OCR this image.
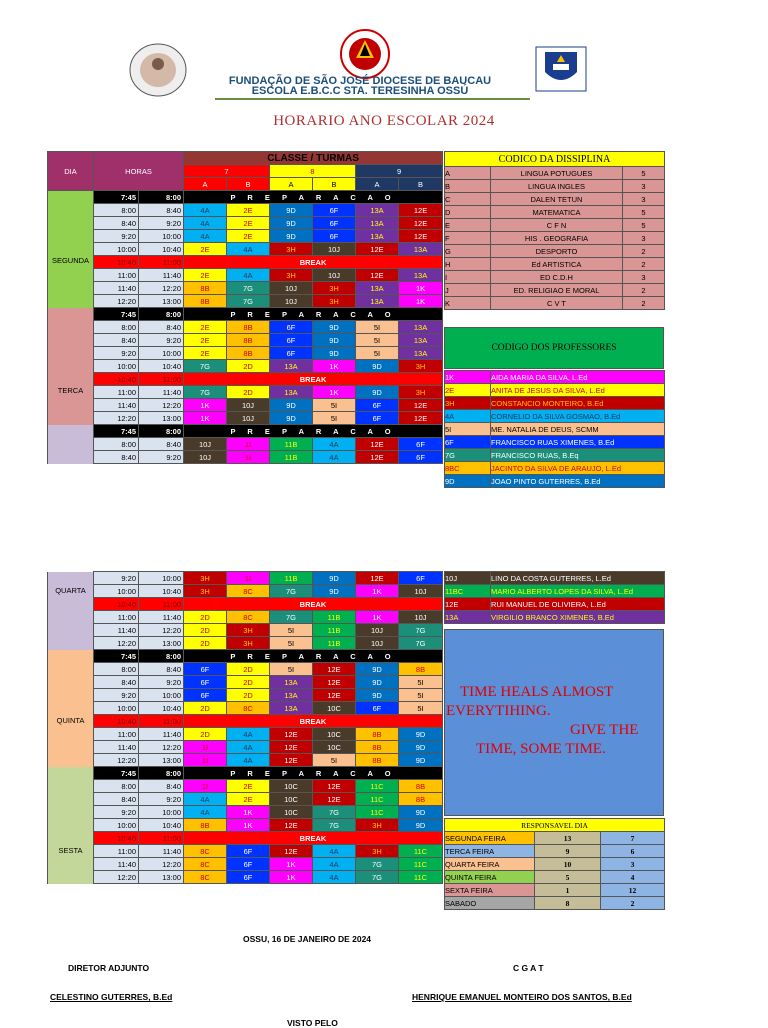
FUNDAÇÃO DE SÃO JOSÉ DIOCESE DE BAUCAU
ESCOLA E.B.C.C STA. TERESINHA OSSÚ
HORARIO ANO ESCOLAR 2024
DIA	HORAS		CLASSE / TURMAS					
			7		8		9	
			A	B	A	B	A	B
	7:45	8:00	P R E P A R A C A O					
	8:00	8:40	4A	2E	9D	6F	13A	12E
	8:40	9:20	4A	2E	9D	6F	13A	12E
	9:20	10:00	4A	2E	9D	6F	13A	12E
	10:00	10:40	2E	4A	3H	10J	12E	13A
	10:40	11:00	BREAK					
	11:00	11:40	2E	4A	3H	10J	12E	13A
	11:40	12:20	8B	7G	10J	3H	13A	1K
	12:20	13:00	8B	7G	10J	3H	13A	1K
	7:45	8:00	P R E P A R A C A O					
	8:00	8:40	2E	8B	6F	9D	5I	13A
	8:40	9:20	2E	8B	6F	9D	5I	13A
	9:20	10:00	2E	8B	6F	9D	5I	13A
	10:00	10:40	7G	2D	13A	1K	9D	3H
	10:40	11:00	BREAK					
	11:00	11:40	7G	2D	13A	1K	9D	3H
	11:40	12:20	1K	10J	9D	5I	6F	12E
	12:20	13:00	1K	10J	9D	5I	6F	12E
	7:45	8:00	P R E P A R A C A O					
	8:00	8:40	10J	1I	11B	4A	12E	6F
	8:40	9:20	10J	1I	11B	4A	12E	6F
	9:20	10:00	3H	1I	11B	9D	12E	6F
	10:00	10:40	3H	8C	7G	9D	1K	10J
	10:40	11:00	BREAK					
	11:00	11:40	2D	8C	7G	11B	1K	10J
	11:40	12:20	2D	3H	5I	11B	10J	7G
	12:20	13:00	2D	3H	5I	11B	10J	7G
	7:45	8:00	P R E P A R A C A O					
	8:00	8:40	6F	2D	5I	12E	9D	8B
	8:40	9:20	6F	2D	13A	12E	9D	5I
	9:20	10:00	6F	2D	13A	12E	9D	5I
	10:00	10:40	2D	8C	13A	10C	6F	5I
	10:40	11:00	BREAK					
	11:00	11:40	2D	4A	12E	10C	8B	9D
	11:40	12:20	1I	4A	12E	10C	8B	9D
	12:20	13:00	1I	4A	12E	5I	8B	9D
	7:45	8:00	P R E P A R A C A O					
	8:00	8:40	1I	2E	10C	12E	11C	8B
	8:40	9:20	4A	2E	10C	12E	11C	8B
	9:20	10:00	4A	1K	10C	7G	11C	9D
	10:00	10:40	8B	1K	12E	7G	3H	9D
	10:40	11:00	BREAK					
	11:00	11:40	8C	6F	12E	4A	3H	11C
	11:40	12:20	8C	6F	1K	4A	7G	11C
	12:20	13:00	8C	6F	1K	4A	7G	11C
CODICO DA DISSIPLINA		
A	LINGUA POTUGUES	5
B	LINGUA INGLES	3
C	DALEN TETUN	3
D	MATEMATICA	5
E	C F N	5
F	HIS . GEOGRAFIA	3
G	DESPORTO	2
H	Ed ARTISTICA	2
I	ED C.D.H	3
J	ED. RELIGIAO E MORAL	2
K	C V T	2
CODIGO DOS PROFESSORES
1K	AIDA MARIA DA SILVA, L.Ed
2E	ANITA DE JESUS DA SILVA, L.Ed
3H	CONSTANCIO MONTEIRO, B.Ed
4A	CORNELIO DA SILVA GOSMAO, B.Ed
5I	ME. NATALIA DE DEUS, SCMM
6F	FRANCISCO RUAS XIMENES, B.Ed
7G	FRANCISCO RUAS, B.Eq
8BC	JACINTO DA SILVA DE ARAUJO, L.Ed
9D	JOAO PINTO GUTERRES, B.Ed
10J	LINO DA COSTA GUTERRES, L.Ed
11BC	MARIO ALBERTO LOPES DA SILVA, L.Ed
12E	RUI MANUEL DE OLIVIERA, L.Ed
13A	VIRGILIO BRANCO XIMENES, B.Ed
TIME HEALS ALMOST
EVERYTIHING.
GIVE THE
TIME, SOME TIME.
RESPONSAVEL DIA		
SEGUNDA FEIRA	13	7
TERCA FEIRA	9	6
QUARTA FEIRA	10	3
QUINTA FEIRA	5	4
SEXTA FEIRA	1	12
SABADO	8	2
SEGUNDA
TERCA
QUARTA
QUINTA
SESTA
OSSU, 16 DE JANEIRO DE 2024
DIRETOR ADJUNTO	C G A T
CELESTINO GUTERRES, B.Ed	HENRIQUE EMANUEL MONTEIRO DOS SANTOS, B.Ed
VISTO PELO
